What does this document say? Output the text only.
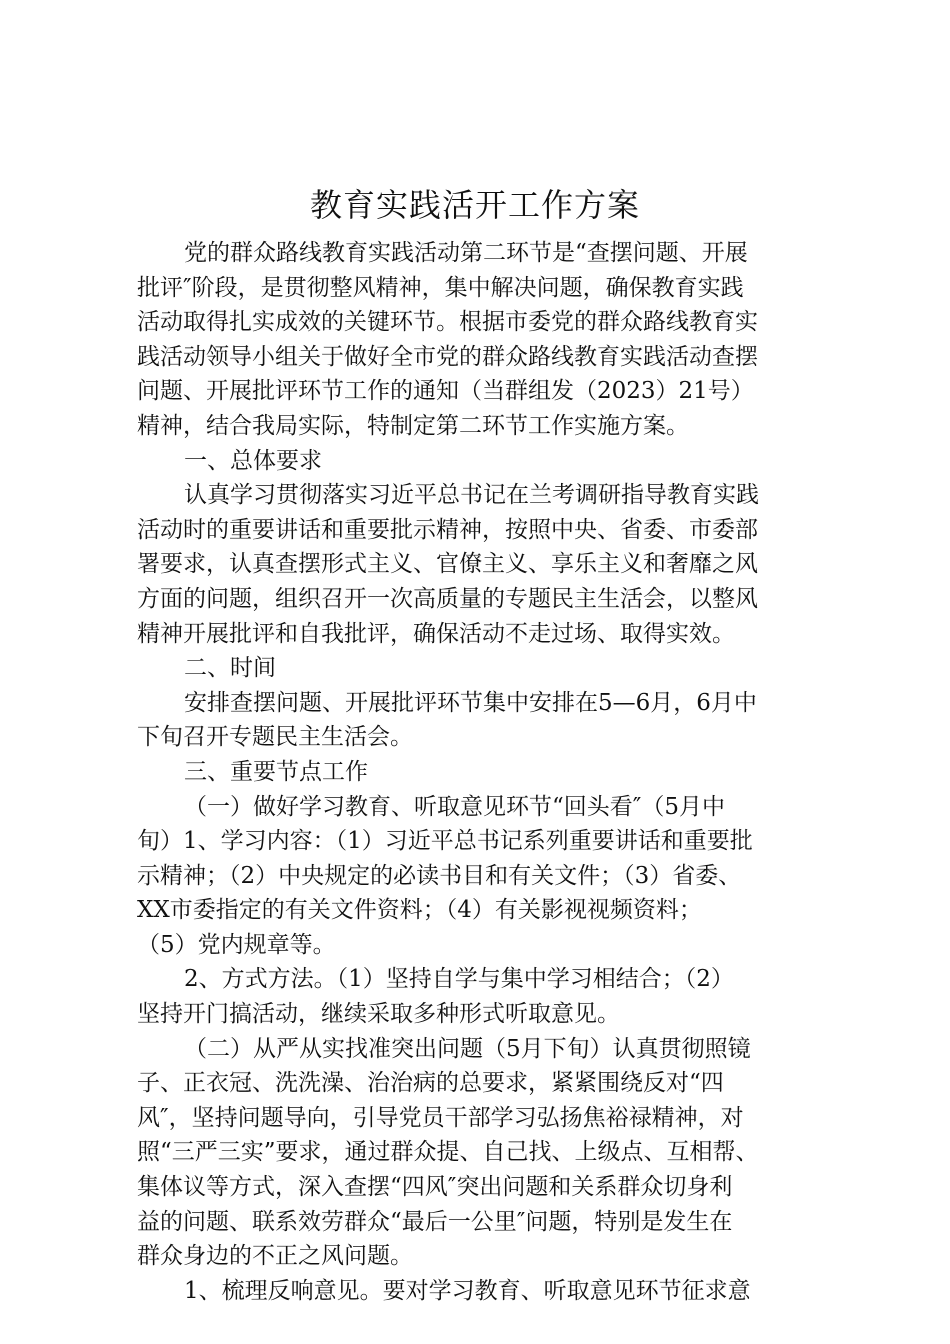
教育实践活开工作方案
党的群众路线教育实践活动第二环节是“查摆问题、开展
批评″阶段，是贯彻整风精神，集中解决问题，确保教育实践
活动取得扎实成效的关键环节。根据市委党的群众路线教育实
践活动领导小组关于做好全市党的群众路线教育实践活动查摆
问题、开展批评环节工作的通知（当群组发（2023）21号）
精神，结合我局实际，特制定第二环节工作实施方案。
一、总体要求
认真学习贯彻落实习近平总书记在兰考调研指导教育实践
活动时的重要讲话和重要批示精神，按照中央、省委、市委部
署要求，认真查摆形式主义、官僚主义、享乐主义和奢靡之风
方面的问题，组织召开一次高质量的专题民主生活会，以整风
精神开展批评和自我批评，确保活动不走过场、取得实效。
二、时间
安排查摆问题、开展批评环节集中安排在5—6月，6月中
下旬召开专题民主生活会。
三、重要节点工作
（一）做好学习教育、听取意见环节“回头看″（5月中
旬）1、学习内容：（1）习近平总书记系列重要讲话和重要批
示精神；（2）中央规定的必读书目和有关文件；（3）省委、
XX市委指定的有关文件资料；（4）有关影视视频资料；
（5）党内规章等。
2、方式方法。（1）坚持自学与集中学习相结合；（2）
坚持开门搞活动，继续采取多种形式听取意见。
（二）从严从实找准突出问题（5月下旬）认真贯彻照镜
子、正衣冠、洗洗澡、治治病的总要求，紧紧围绕反对“四
风″，坚持问题导向，引导党员干部学习弘扬焦裕禄精神，对
照“三严三实”要求，通过群众提、自己找、上级点、互相帮、
集体议等方式，深入查摆“四风″突出问题和关系群众切身利
益的问题、联系效劳群众“最后一公里″问题，特别是发生在
群众身边的不正之风问题。
1、梳理反响意见。要对学习教育、听取意见环节征求意
